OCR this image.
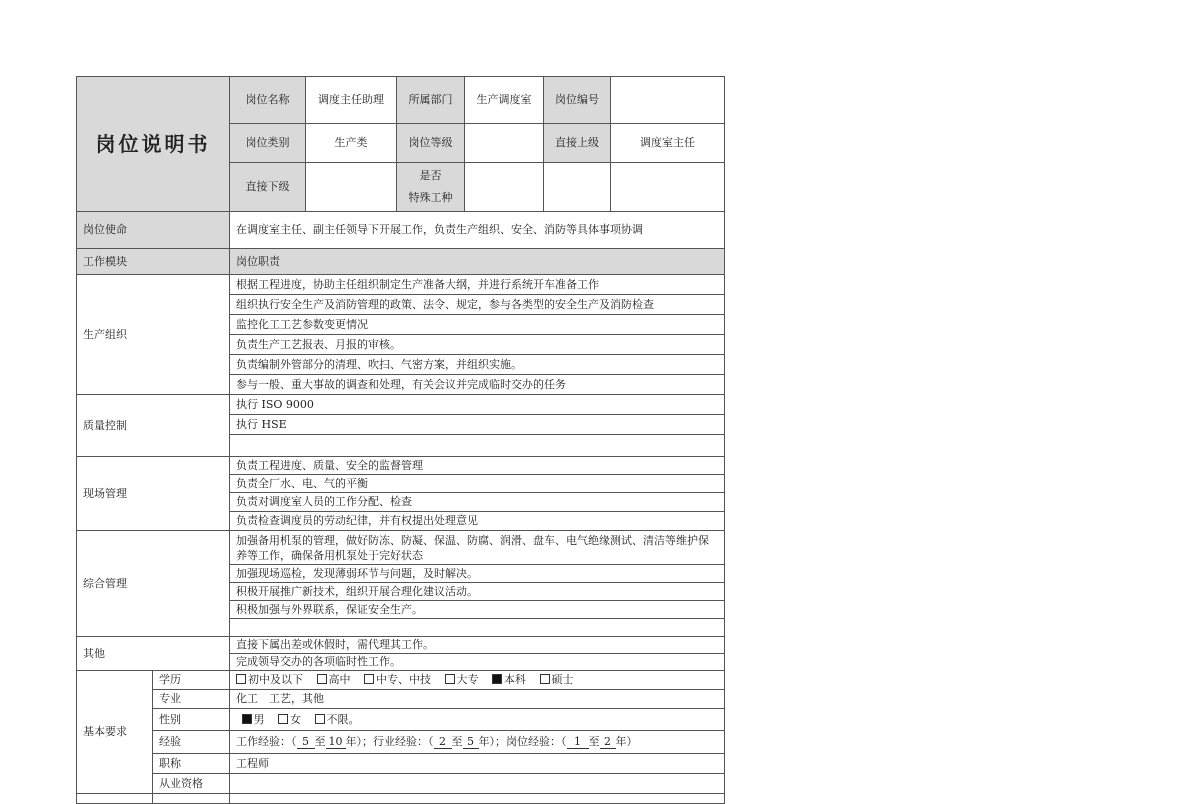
岗位说明书		岗位名称	调度主任助理	所属部门	生产调度室	岗位编号	
		岗位类别	生产类	岗位等级		直接上级	调度室主任
		直接下级		是否
特殊工种			

岗位使命		在调度室主任、副主任领导下开展工作，负责生产组织、安全、消防等具体事项协调					
工作模块		岗位职责					
生产组织		根据工程进度，协助主任组织制定生产准备大纲，并进行系统开车准备工作					
		组织执行安全生产及消防管理的政策、法令、规定，参与各类型的安全生产及消防检查					
		监控化工工艺参数变更情况					
		负责生产工艺报表、月报的审核。					
		负责编制外管部分的清理、吹扫、气密方案，并组织实施。					
		参与一般、重大事故的调查和处理，有关会议并完成临时交办的任务					
质量控制		执行 ISO 9000					
		执行 HSE					

现场管理		负责工程进度、质量、安全的监督管理					
		负责全厂水、电、气的平衡					
		负责对调度室人员的工作分配、检查					
		负责检查调度员的劳动纪律，并有权提出处理意见					
综合管理		加强备用机泵的管理，做好防冻、防凝、保温、防腐、润滑、盘车、电气绝缘测试、清洁等维护保养等工作，确保备用机泵处于完好状态					
		加强现场巡检，发现薄弱环节与问题，及时解决。					
		积极开展推广新技术，组织开展合理化建议活动。					
		积极加强与外界联系，保证安全生产。					

其他		直接下属出差或休假时，需代理其工作。					
		完成领导交办的各项临时性工作。					
基本要求	学历	初中及以下 高中 中专、中技 大专 本科 硕士					
	专业	化工　工艺，其他					
	性别	男 女 不限。					
	经验	工作经验：（ 5 至 10 年）；行业经验：（ 2 至 5 年）；岗位经验：（ 1 至 2 年）					
	职称	工程师					
	从业资格						
